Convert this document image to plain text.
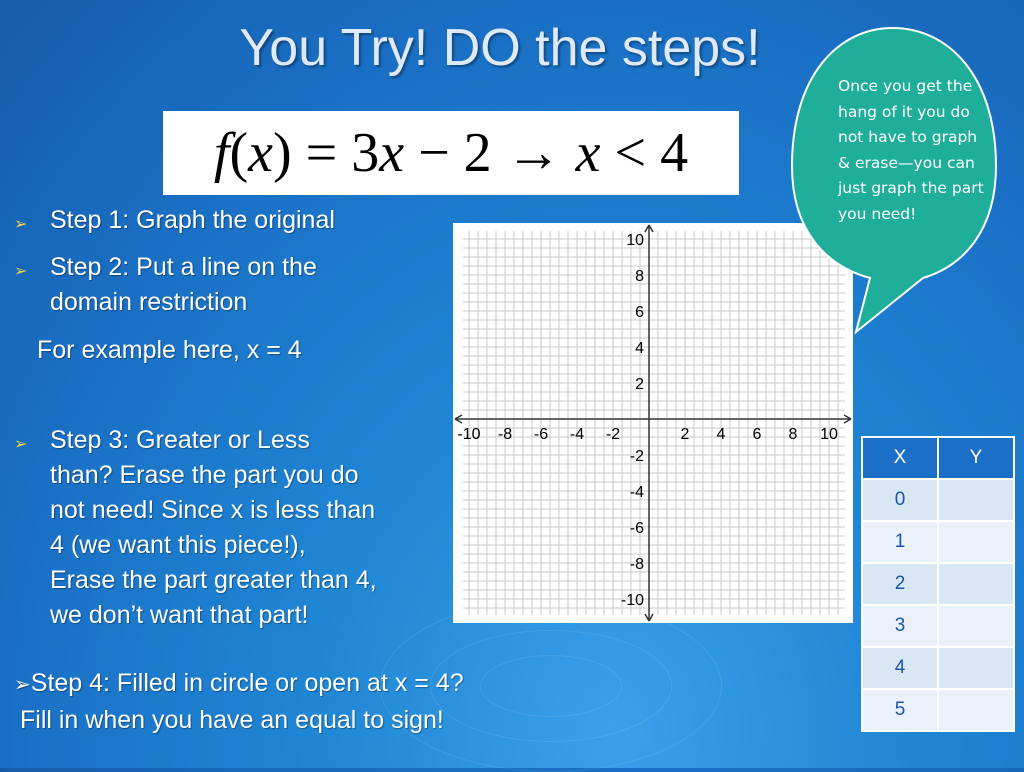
You Try! DO the steps!
f ( x ) = 3 x − 2 → x < 4
➢ Step 1: Graph the original
➢ Step 2: Put a line on the
domain restriction
For example here, x = 4
➢ Step 3: Greater or Less
than? Erase the part you do
not need! Since x is less than
4 (we want this piece!),
Erase the part greater than 4,
we don’t want that part!
➢Step 4: Filled in circle or open at x = 4?
Fill in when you have an equal to sign!
-10 -8 -6 -4 -2	2 4 6 8 10
10
8
6
4
2
-2
-4
-6
-8
-10
Once you get the hang of it you do not have to graph & erase—you can just graph the part you need!
X	Y
0	
1	
2	
3	
4	
5	
